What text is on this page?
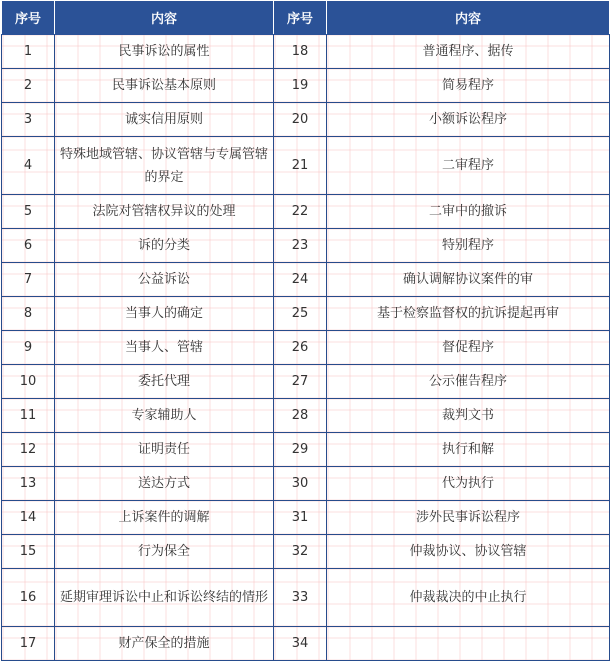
序号	内容	序号	内容
1	民事诉讼的属性	18	普通程序、据传
2	民事诉讼基本原则	19	简易程序
3	诚实信用原则	20	小额诉讼程序
4	特殊地域管辖、协议管辖与专属管辖的界定	21	二审程序
5	法院对管辖权异议的处理	22	二审中的撤诉
6	诉的分类	23	特别程序
7	公益诉讼	24	确认调解协议案件的审
8	当事人的确定	25	基于检察监督权的抗诉提起再审
9	当事人、管辖	26	督促程序
10	委托代理	27	公示催告程序
11	专家辅助人	28	裁判文书
12	证明责任	29	执行和解
13	送达方式	30	代为执行
14	上诉案件的调解	31	涉外民事诉讼程序
15	行为保全	32	仲裁协议、协议管辖
16	延期审理诉讼中止和诉讼终结的情形	33	仲裁裁决的中止执行
17	财产保全的措施	34	
